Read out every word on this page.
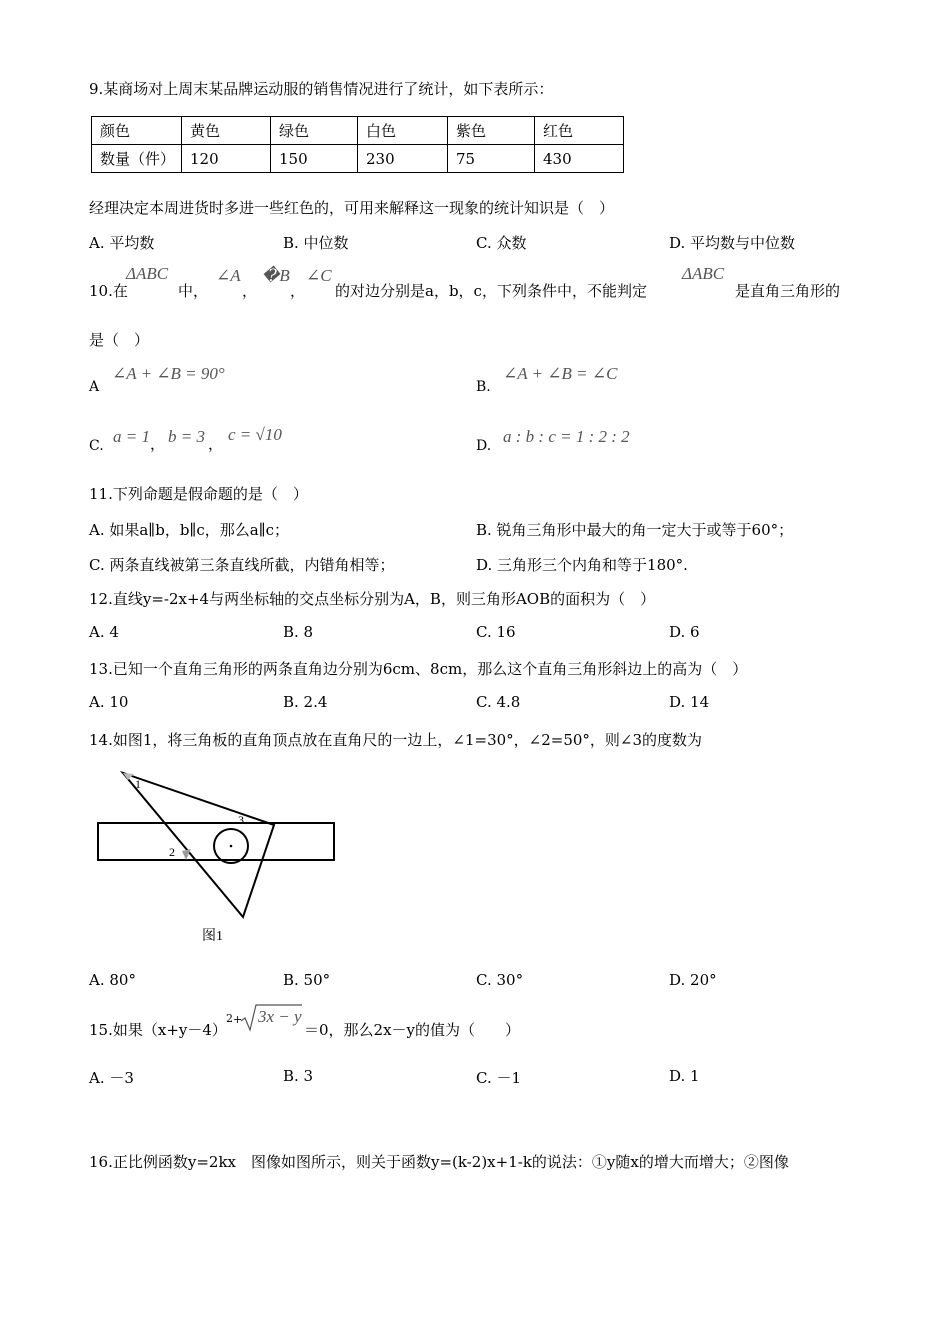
9.某商场对上周末某品牌运动服的销售情况进行了统计，如下表所示：
颜色	黄色	绿色	白色	紫色	红色
数量（件）	120	150	230	75	430
经理决定本周进货时多进一些红色的，可用来解释这一现象的统计知识是（　）
A. 平均数	B. 中位数	C. 众数	D. 平均数与中位数
10.在
ΔABC
中，
∠A
，
�B
，
∠C
的对边分别是a，b，c，下列条件中，不能判定
ΔABC
是直角三角形的
是（　）
A
∠A + ∠B = 90°
B.
∠A + ∠B = ∠C
C. a = 1 ， b = 3 ， c = √10
D. a : b : c = 1 : 2 : 2
11.下列命题是假命题的是（　）
A. 如果a∥b，b∥c，那么a∥c；	B. 锐角三角形中最大的角一定大于或等于60°；
C. 两条直线被第三条直线所截，内错角相等；	D. 三角形三个内角和等于180°.
12.直线y=-2x+4与两坐标轴的交点坐标分别为A，B，则三角形AOB的面积为（　）
A. 4	B. 8	C. 16	D. 6
13.已知一个直角三角形的两条直角边分别为6cm、8cm，那么这个直角三角形斜边上的高为（　）
A. 10	B. 2.4	C. 4.8	D. 14
14.如图1，将三角板的直角顶点放在直角尺的一边上，∠1=30°，∠2=50°，则∠3的度数为
1
2
3
图1
A. 80°	B. 50°	C. 30°	D. 20°
15.如果（x+y－4）
2 + 3x − y
＝0，那么2x－y的值为（　　）
A. －3	B. 3	C. －1	D. 1
16.正比例函数y=2kx　图像如图所示，则关于函数y=(k-2)x+1-k的说法：①y随x的增大而增大；②图像
